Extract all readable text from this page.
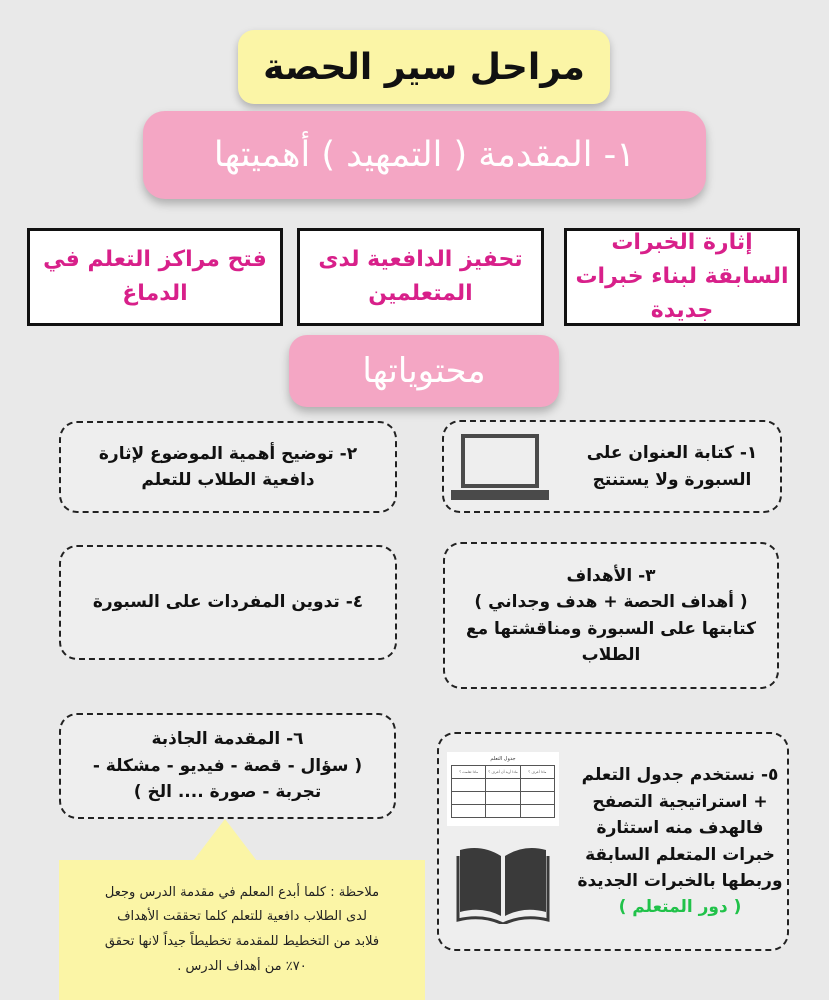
مراحل سير الحصة
١- المقدمة ( التمهيد ) أهميتها
إثارة الخبرات السابقة لبناء خبرات جديدة
تحفيز الدافعية لدى المتعلمين
فتح مراكز التعلم في الدماغ
محتوياتها
١- كتابة العنوان على
السبورة ولا يستنتج
٢- توضيح أهمية الموضوع لإثارة
دافعية الطلاب للتعلم
٣- الأهداف
( أهداف الحصة + هدف وجداني )
كتابتها على السبورة ومناقشتها مع
الطلاب
٤- تدوين المفردات على السبورة
٥- نستخدم جدول التعلم
+ استراتيجية التصفح
فالهدف منه استثارة
خبرات المتعلم السابقة
وربطها بالخبرات الجديدة
( دور المتعلم )
جدول التعلم
ماذا أعرف ؟	ماذا أريد أن أعرف ؟	ماذا تعلمت ؟

٦- المقدمة الجاذبة
( سؤال - قصة - فيديو - مشكلة -
تجربة - صورة .... الخ )
ملاحظة : كلما أبدع المعلم في مقدمة الدرس وجعل
لدى الطلاب دافعية للتعلم كلما تحققت الأهداف
فلابد من التخطيط للمقدمة تخطيطاً جيداً لانها تحقق
٧٠٪ من أهداف الدرس .
